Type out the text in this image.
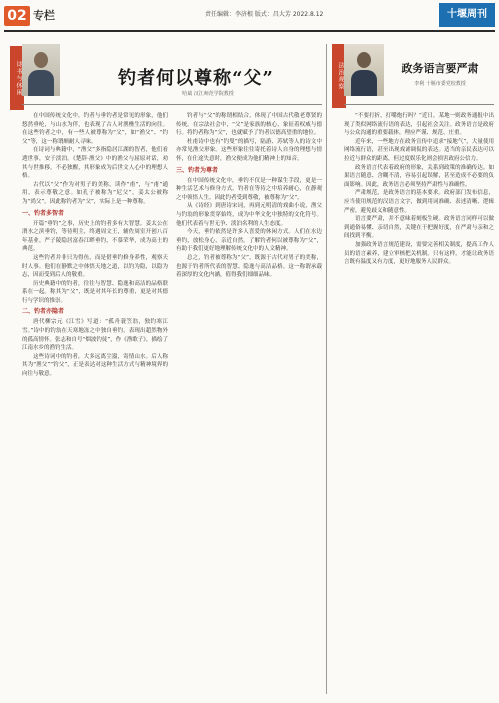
02 专栏	责任编辑：李济根 版式：昌大芳 2022.8.12	十堰周刊
诗书与休闲	钓者何以尊称“父”
哈斌 汉江师范学院教授

在中国传统文化中，钓者与垂钓者是常见的形象，他们悠然垂纶，与山水为伴，也表现了古人对渔樵生活的向往。在这些钓者之中，有一些人被尊称为“父”，如“渔父”、“钓父”等，这一称谓颇耐人寻味。

在诗词与典籍中，“渔父”多指隐居江湖的智者，他们看透世事，安于淡泊。《楚辞·渔父》中的渔父与屈原对话，劝其与世推移，不必独醒，其形象成为后世文人心中的理想人格。

古代以“父”作为对男子的美称，读作“甫”，与“甫”通用，表示尊敬之意。如孔子被称为“尼父”，姜太公被称为“尚父”。因此称钓者为“父”，实际上是一种尊称。

一、钓者多智者

开篇“垂钓”之事，历史上的钓者多有大智慧。姜太公在渭水之滨垂钓，等待明主，终遇周文王，辅佐周室开创八百年基业。严子陵隐居富春江畔垂钓，不慕荣华，成为高士的典范。

这些钓者并非只为得鱼，而是借垂钓修身养性，观察天时人事。他们在静默之中体悟天地之道，以钓为隐，以隐为志，因而受到后人的敬重。

历史典籍中的钓者，往往与智慧、隐逸和高洁的品格联系在一起。称其为“父”，既是对其年长的尊重，更是对其德行与学识的推崇。

二、钓者亦隐者

唐代柳宗元《江雪》写道：“孤舟蓑笠翁，独钓寒江雪。”诗中的钓翁在天寒地冻之中独自垂钓，表现出超然物外的孤高情怀。张志和自号“烟波钓徒”，作《渔歌子》，描绘了江南水乡的渔钓生活。

这些诗词中的钓者，大多远离尘嚣，寄情山水。后人称其为“渔父”“钓父”，正是表达对这种生活方式与精神境界的向往与敬意。

钓者与“父”的称谓相结合，体现了中国古代敬老尊贤的传统。在宗法社会中，“父”是家族的核心，象征着权威与德行。将钓者称为“父”，也就赋予了钓者以德高望重的地位。

杜甫诗中也有“钓叟”的描写，陆游、苏轼等人的诗文中亦常见渔父形象。这些形象往往寄托着诗人自身的理想与情怀，在仕途失意时，渔父便成为他们精神上的知音。

三、钓者为尊者

在中国传统文化中，垂钓不仅是一种谋生手段，更是一种生活艺术与修身方式。钓者在等待之中培养耐心，在静观之中领悟人生。因此钓者受到尊敬，被尊称为“父”。

从《诗经》到唐诗宋词，再到元明清的戏曲小说，渔父与钓翁的形象贯穿始终，成为中华文化中独特的文化符号。他们代表着与世无争、淡泊名利的人生态度。

今天，垂钓依然是许多人喜爱的休闲方式。人们在水边垂钓，放松身心，亲近自然。了解钓者何以被尊称为“父”，有助于我们更好地理解传统文化中的人文精神。

总之，钓者被尊称为“父”，既源于古代对男子的美称，也源于钓者所代表的智慧、隐逸与高洁品格。这一称谓承载着深厚的文化内涵，值得我们细细品味。

法治观察	政务语言要严肃
李利 十堰市委党校教授

“不要打折，打嘴炮行吗？”近日，某地一则政务通报中出现了类似网络流行语的表达，引起社会关注。政务语言是政府与公众沟通的重要载体，理应严谨、规范、庄重。

近年来，一些地方在政务宣传中追求“接地气”，大量使用网络流行语，甚至出现戏谑调侃的表达。适当的亲民表达可以拉近与群众的距离，但过度娱乐化则会损害政府公信力。

政务语言代表着政府的形象，关系到政策的准确传达。如果语言随意、含糊不清，容易引起误解，甚至造成不必要的负面影响。因此，政务语言必须坚持严肃性与准确性。

严肃规范，是政务语言的基本要求。政府部门发布信息，应当使用规范的汉语言文字，做到用词准确、表述清晰、逻辑严密，避免歧义和随意性。

语言要严肃，并不意味着刻板生硬。政务语言同样可以做到通俗易懂、亲切自然，关键在于把握好度，在严肃与亲和之间找到平衡。

加强政务语言规范建设，需要完善相关制度，提高工作人员的语言素养，建立审核把关机制。只有这样，才能让政务语言既有温度又有力度，更好地服务人民群众。
